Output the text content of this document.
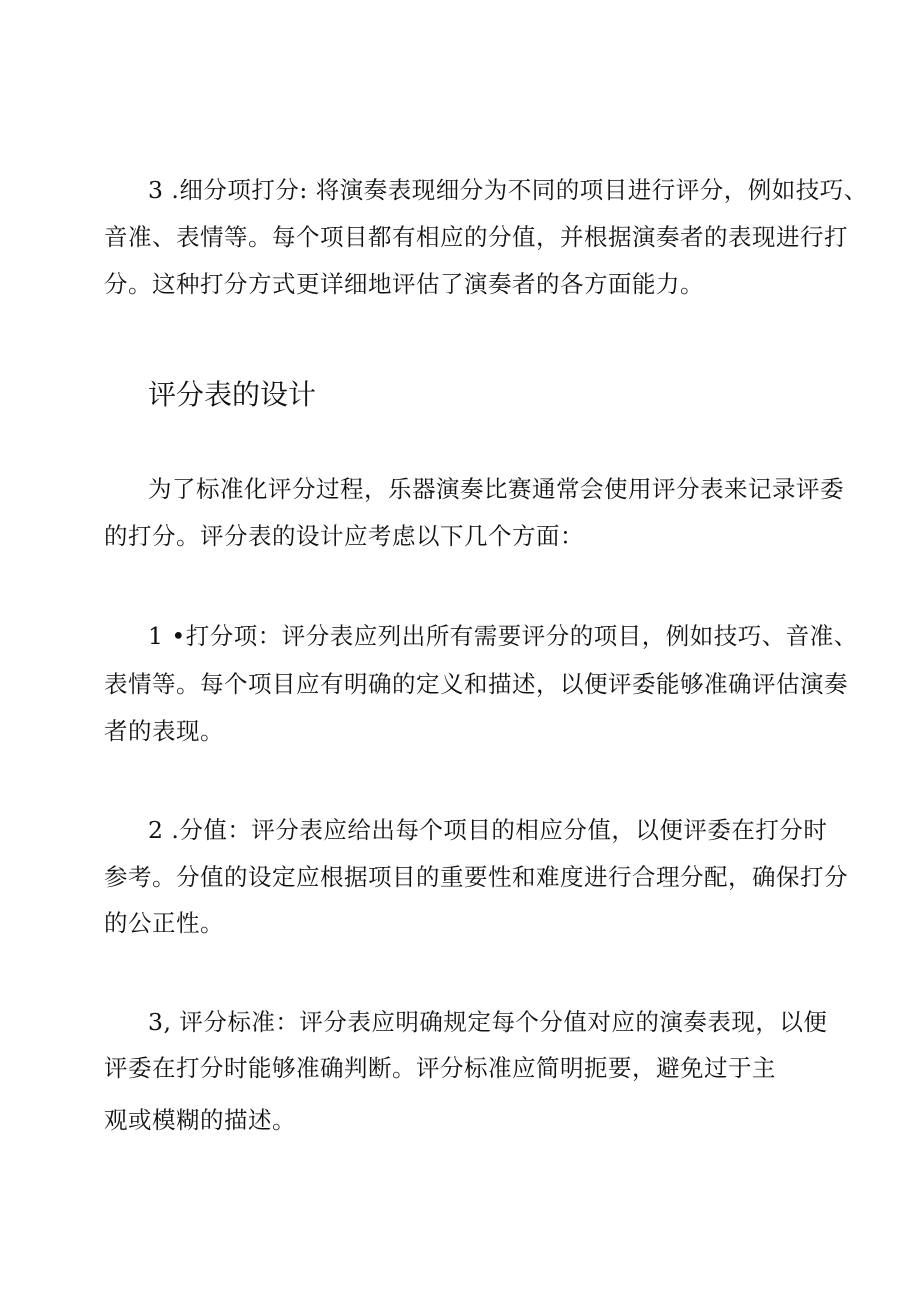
3 .细分项打分: 将演奏表现细分为不同的项目进行评分，例如技巧、
音准、表情等。每个项目都有相应的分值，并根据演奏者的表现进行打
分。这种打分方式更详细地评估了演奏者的各方面能力。
评分表的设计
为了标准化评分过程，乐器演奏比赛通常会使用评分表来记录评委
的打分。评分表的设计应考虑以下几个方面：
1 •打分项：评分表应列出所有需要评分的项目，例如技巧、音准、
表情等。每个项目应有明确的定义和描述，以便评委能够准确评估演奏
者的表现。
2 .分值：评分表应给出每个项目的相应分值，以便评委在打分时
参考。分值的设定应根据项目的重要性和难度进行合理分配，确保打分
的公正性。
3, 评分标准：评分表应明确规定每个分值对应的演奏表现，以便
评委在打分时能够准确判断。评分标准应简明扼要，避免过于主
观或模糊的描述。
